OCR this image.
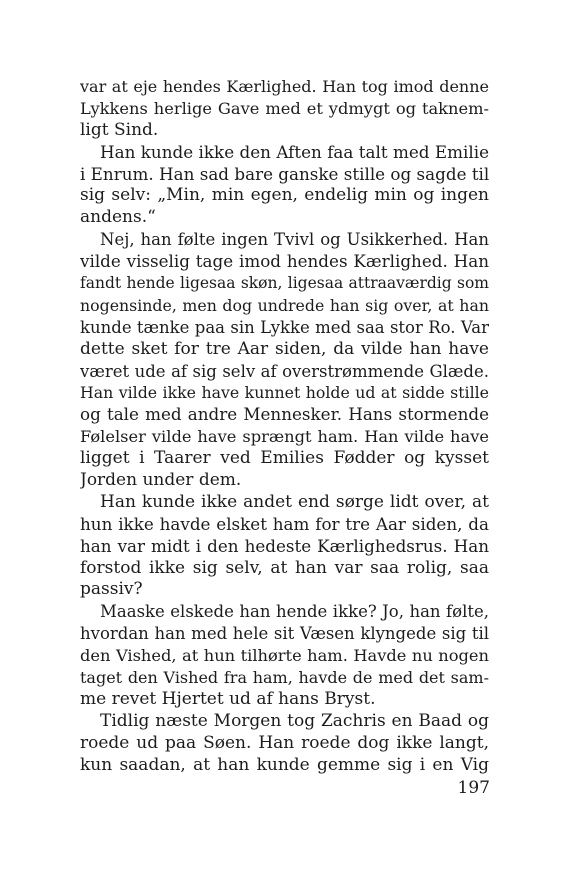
var at eje hendes Kærlighed. Han tog imod denne
Lykkens herlige Gave med et ydmygt og taknem-
ligt Sind.
Han kunde ikke den Aften faa talt med Emilie
i Enrum. Han sad bare ganske stille og sagde til
sig selv: „Min, min egen, endelig min og ingen
andens.“
Nej, han følte ingen Tvivl og Usikkerhed. Han
vilde visselig tage imod hendes Kærlighed. Han
fandt hende ligesaa skøn, ligesaa attraaværdig som
nogensinde, men dog undrede han sig over, at han
kunde tænke paa sin Lykke med saa stor Ro. Var
dette sket for tre Aar siden, da vilde han have
været ude af sig selv af overstrømmende Glæde.
Han vilde ikke have kunnet holde ud at sidde stille
og tale med andre Mennesker. Hans stormende
Følelser vilde have sprængt ham. Han vilde have
ligget i Taarer ved Emilies Fødder og kysset
Jorden under dem.
Han kunde ikke andet end sørge lidt over, at
hun ikke havde elsket ham for tre Aar siden, da
han var midt i den hedeste Kærlighedsrus. Han
forstod ikke sig selv, at han var saa rolig, saa
passiv?
Maaske elskede han hende ikke? Jo, han følte,
hvordan han med hele sit Væsen klyngede sig til
den Vished, at hun tilhørte ham. Havde nu nogen
taget den Vished fra ham, havde de med det sam-
me revet Hjertet ud af hans Bryst.
Tidlig næste Morgen tog Zachris en Baad og
roede ud paa Søen. Han roede dog ikke langt,
kun saadan, at han kunde gemme sig i en Vig
197
